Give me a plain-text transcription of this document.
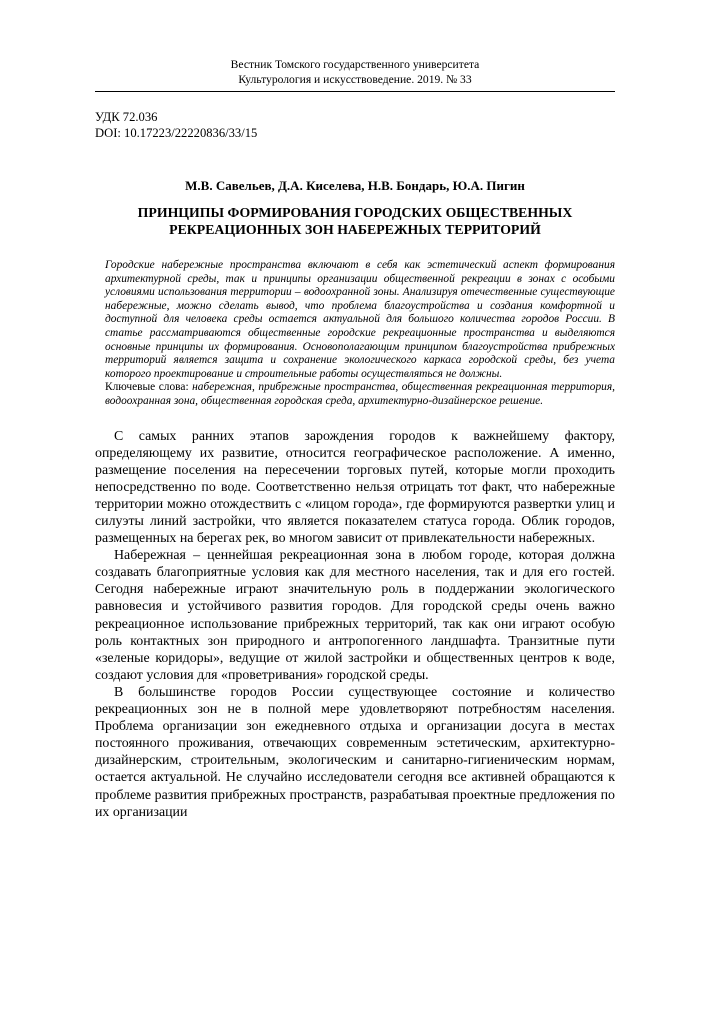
Вестник Томского государственного университета
Культурология и искусствоведение. 2019. № 33
УДК 72.036
DOI: 10.17223/22220836/33/15
М.В. Савельев, Д.А. Киселева, Н.В. Бондарь, Ю.А. Пигин
ПРИНЦИПЫ ФОРМИРОВАНИЯ ГОРОДСКИХ ОБЩЕСТВЕННЫХ РЕКРЕАЦИОННЫХ ЗОН НАБЕРЕЖНЫХ ТЕРРИТОРИЙ

Городские набережные пространства включают в себя как эстетический аспект формирования архитектурной среды, так и принципы организации общественной рекреации в зонах с особыми условиями использования территории – водоохранной зоны. Анализируя отечественные существующие набережные, можно сделать вывод, что проблема благоустройства и создания комфортной и доступной для человека среды остается актуальной для большого количества городов России. В статье рассматриваются общественные городские рекреационные пространства и выделяются основные принципы их формирования. Основополагающим принципом благоустройства прибрежных территорий является защита и сохранение экологического каркаса городской среды, без учета которого проектирование и строительные работы осуществляться не должны.

Ключевые слова: набережная, прибрежные пространства, общественная рекреационная территория, водоохранная зона, общественная городская среда, архитектурно-дизайнерское решение.

С самых ранних этапов зарождения городов к важнейшему фактору, определяющему их развитие, относится географическое расположение. А именно, размещение поселения на пересечении торговых путей, которые могли проходить непосредственно по воде. Соответственно нельзя отрицать тот факт, что набережные территории можно отождествить с «лицом города», где формируются развертки улиц и силуэты линий застройки, что является показателем статуса города. Облик городов, размещенных на берегах рек, во многом зависит от привлекательности набережных.

Набережная – ценнейшая рекреационная зона в любом городе, которая должна создавать благоприятные условия как для местного населения, так и для его гостей. Сегодня набережные играют значительную роль в поддержании экологического равновесия и устойчивого развития городов. Для городской среды очень важно рекреационное использование прибрежных территорий, так как они играют особую роль контактных зон природного и антропогенного ландшафта. Транзитные пути «зеленые коридоры», ведущие от жилой застройки и общественных центров к воде, создают условия для «проветривания» городской среды.

В большинстве городов России существующее состояние и количество рекреационных зон не в полной мере удовлетворяют потребностям населения. Проблема организации зон ежедневного отдыха и организации досуга в местах постоянного проживания, отвечающих современным эстетическим, архитектурно-дизайнерским, строительным, экологическим и санитарно-гигиеническим нормам, остается актуальной. Не случайно исследователи сегодня все активней обращаются к проблеме развития прибрежных пространств, разрабатывая проектные предложения по их организации
